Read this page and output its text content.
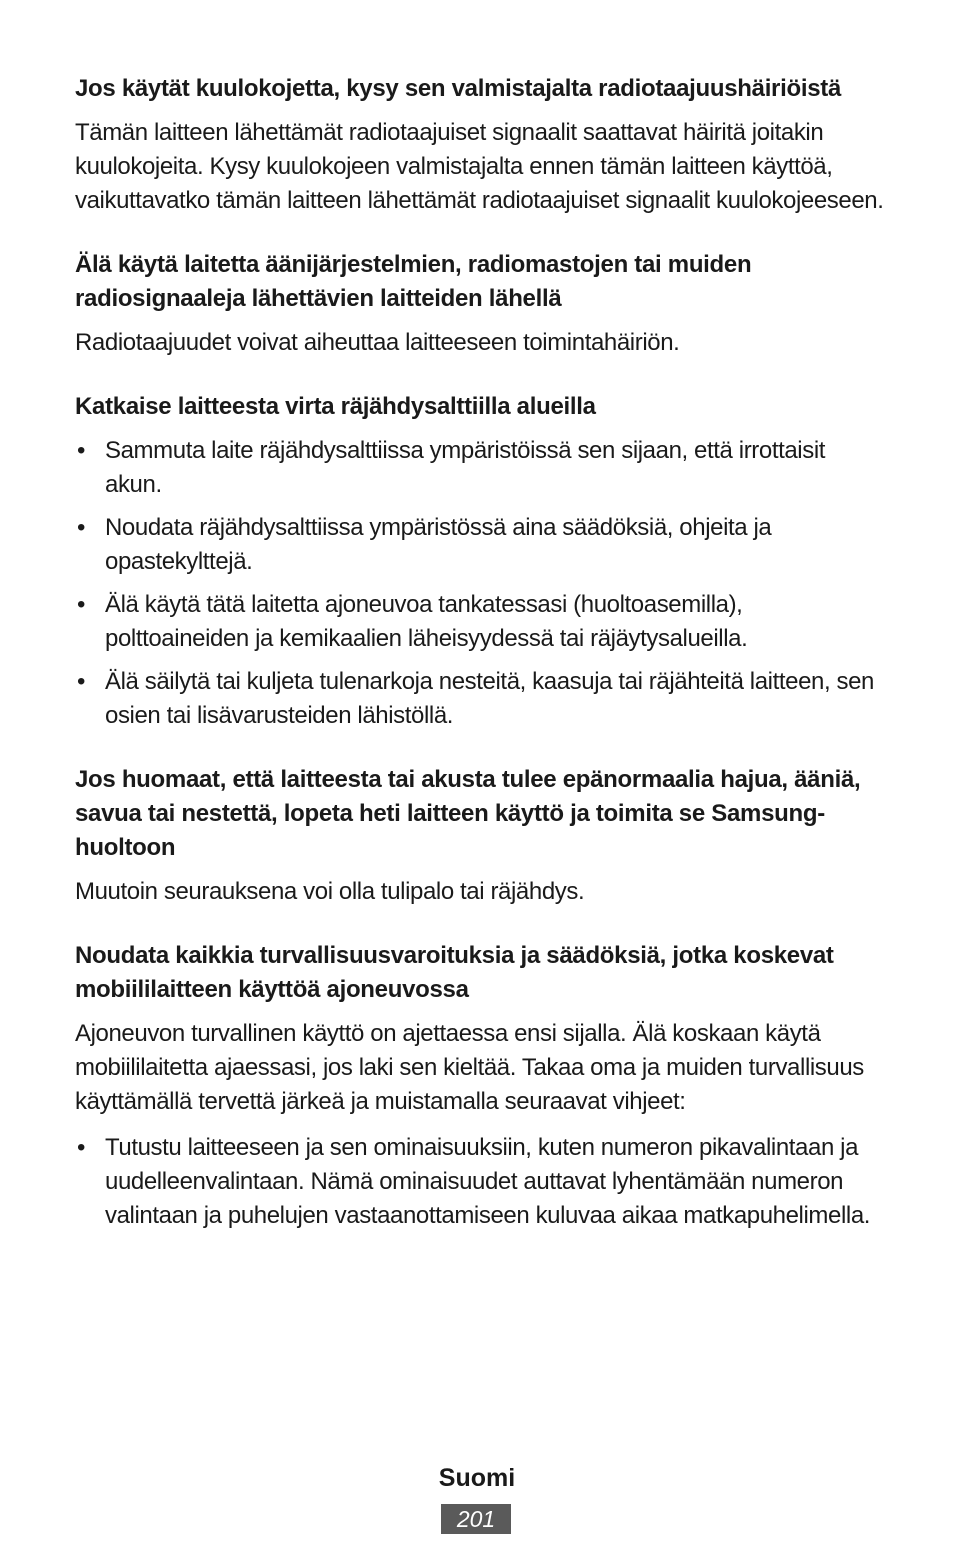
Jos käytät kuulokojetta, kysy sen valmistajalta radiotaajuushäiriöistä
Tämän laitteen lähettämät radiotaajuiset signaalit saattavat häiritä joitakin kuulokojeita. Kysy kuulokojeen valmistajalta ennen tämän laitteen käyttöä, vaikuttavatko tämän laitteen lähettämät radiotaajuiset signaalit kuulokojeeseen.
Älä käytä laitetta äänijärjestelmien, radiomastojen tai muiden radiosignaaleja lähettävien laitteiden lähellä
Radiotaajuudet voivat aiheuttaa laitteeseen toimintahäiriön.
Katkaise laitteesta virta räjähdysalttiilla alueilla
• Sammuta laite räjähdysalttiissa ympäristöissä sen sijaan, että irrottaisit akun.
• Noudata räjähdysalttiissa ympäristössä aina säädöksiä, ohjeita ja opastekylttejä.
• Älä käytä tätä laitetta ajoneuvoa tankatessasi (huoltoasemilla), polttoaineiden ja kemikaalien läheisyydessä tai räjäytysalueilla.
• Älä säilytä tai kuljeta tulenarkoja nesteitä, kaasuja tai räjähteitä laitteen, sen osien tai lisävarusteiden lähistöllä.
Jos huomaat, että laitteesta tai akusta tulee epänormaalia hajua, ääniä, savua tai nestettä, lopeta heti laitteen käyttö ja toimita se Samsung-huoltoon
Muutoin seurauksena voi olla tulipalo tai räjähdys.
Noudata kaikkia turvallisuusvaroituksia ja säädöksiä, jotka koskevat mobiililaitteen käyttöä ajoneuvossa
Ajoneuvon turvallinen käyttö on ajettaessa ensi sijalla. Älä koskaan käytä mobiililaitetta ajaessasi, jos laki sen kieltää. Takaa oma ja muiden turvallisuus käyttämällä tervettä järkeä ja muistamalla seuraavat vihjeet:
• Tutustu laitteeseen ja sen ominaisuuksiin, kuten numeron pikavalintaan ja uudelleenvalintaan. Nämä ominaisuudet auttavat lyhentämään numeron valintaan ja puhelujen vastaanottamiseen kuluvaa aikaa matkapuhelimella.
Suomi
201
